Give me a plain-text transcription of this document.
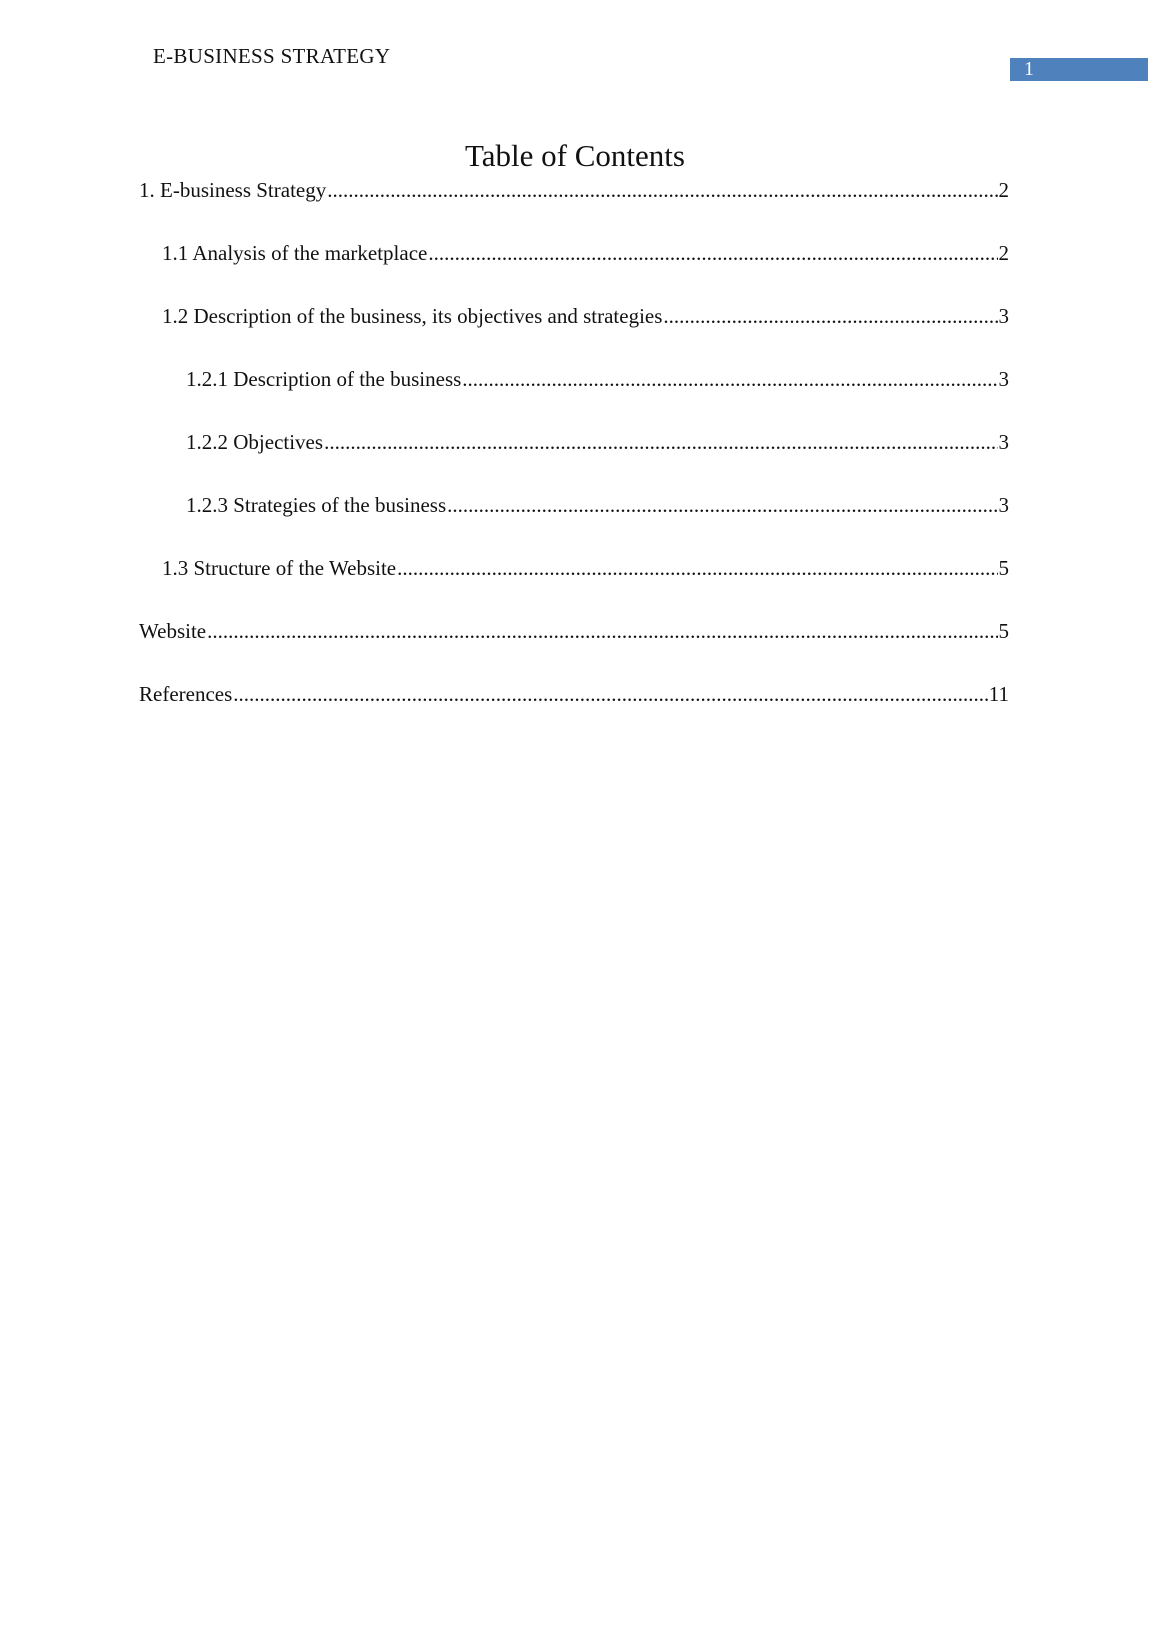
E-BUSINESS STRATEGY
1
Table of Contents
1. E-business Strategy .....	2
1.1 Analysis of the marketplace .....	2
1.2 Description of the business, its objectives and strategies .....	3
1.2.1 Description of the business .....	3
1.2.2 Objectives .....	3
1.2.3 Strategies of the business .....	3
1.3 Structure of the Website .....	5
Website .....	5
References .....	11
